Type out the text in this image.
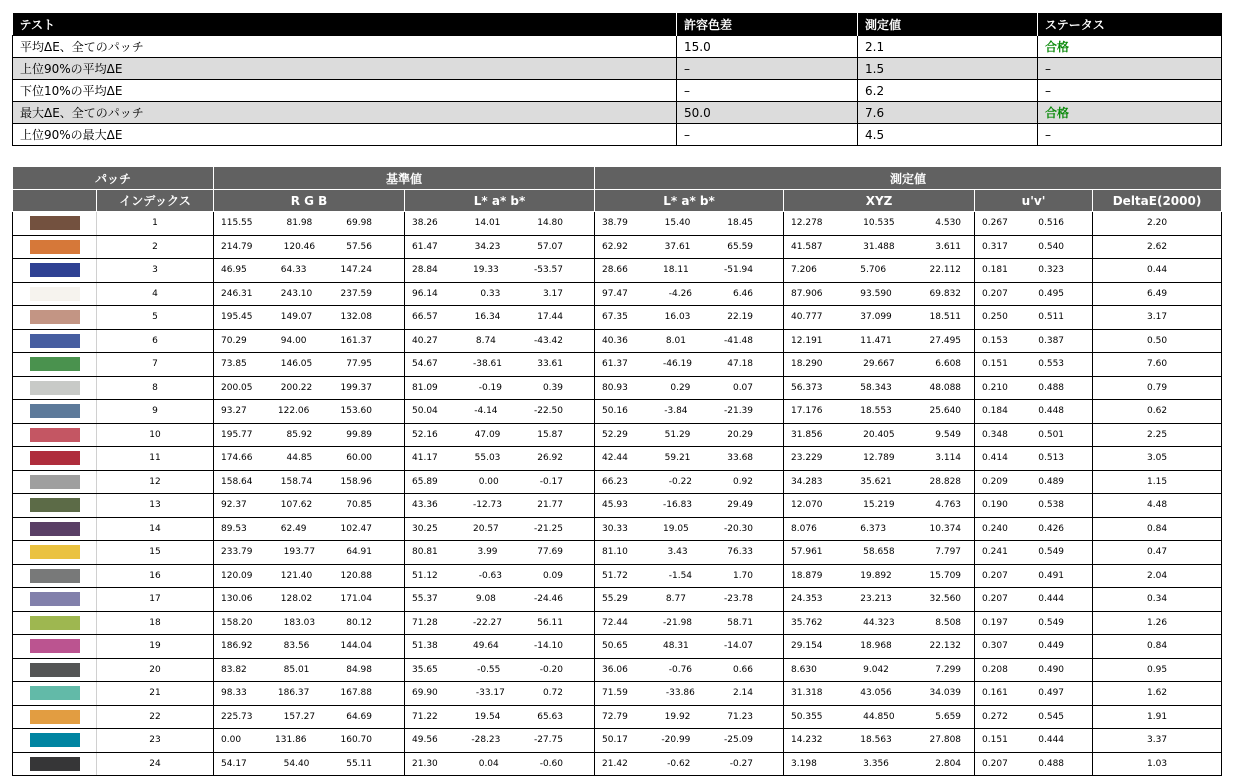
テスト	許容色差	測定値	ステータス
平均ΔE、全てのパッチ	15.0	2.1	合格
上位90%の平均ΔE	–	1.5	–
下位10%の平均ΔE	–	6.2	–
最大ΔE、全てのパッチ	50.0	7.6	合格
上位90%の最大ΔE	–	4.5	–
パッチ		基準値		測定値			
	インデックス	R G B	L* a* b*	L* a* b*	XYZ	u'v'	DeltaE(2000)

	1	115.55 81.98 69.98	38.26 14.01 14.80	38.79 15.40 18.45	12.278 10.535 4.530	0.267 0.516	2.20

	2	214.79 120.46 57.56	61.47 34.23 57.07	62.92 37.61 65.59	41.587 31.488 3.611	0.317 0.540	2.62

	3	46.95 64.33 147.24	28.84 19.33 -53.57	28.66 18.11 -51.94	7.206 5.706 22.112	0.181 0.323	0.44

	4	246.31 243.10 237.59	96.14 0.33 3.17	97.47 -4.26 6.46	87.906 93.590 69.832	0.207 0.495	6.49

	5	195.45 149.07 132.08	66.57 16.34 17.44	67.35 16.03 22.19	40.777 37.099 18.511	0.250 0.511	3.17

	6	70.29 94.00 161.37	40.27 8.74 -43.42	40.36 8.01 -41.48	12.191 11.471 27.495	0.153 0.387	0.50

	7	73.85 146.05 77.95	54.67 -38.61 33.61	61.37 -46.19 47.18	18.290 29.667 6.608	0.151 0.553	7.60

	8	200.05 200.22 199.37	81.09 -0.19 0.39	80.93 0.29 0.07	56.373 58.343 48.088	0.210 0.488	0.79

	9	93.27 122.06 153.60	50.04 -4.14 -22.50	50.16 -3.84 -21.39	17.176 18.553 25.640	0.184 0.448	0.62

	10	195.77 85.92 99.89	52.16 47.09 15.87	52.29 51.29 20.29	31.856 20.405 9.549	0.348 0.501	2.25

	11	174.66 44.85 60.00	41.17 55.03 26.92	42.44 59.21 33.68	23.229 12.789 3.114	0.414 0.513	3.05

	12	158.64 158.74 158.96	65.89 0.00 -0.17	66.23 -0.22 0.92	34.283 35.621 28.828	0.209 0.489	1.15

	13	92.37 107.62 70.85	43.36 -12.73 21.77	45.93 -16.83 29.49	12.070 15.219 4.763	0.190 0.538	4.48

	14	89.53 62.49 102.47	30.25 20.57 -21.25	30.33 19.05 -20.30	8.076 6.373 10.374	0.240 0.426	0.84

	15	233.79 193.77 64.91	80.81 3.99 77.69	81.10 3.43 76.33	57.961 58.658 7.797	0.241 0.549	0.47

	16	120.09 121.40 120.88	51.12 -0.63 0.09	51.72 -1.54 1.70	18.879 19.892 15.709	0.207 0.491	2.04

	17	130.06 128.02 171.04	55.37 9.08 -24.46	55.29 8.77 -23.78	24.353 23.213 32.560	0.207 0.444	0.34

	18	158.20 183.03 80.12	71.28 -22.27 56.11	72.44 -21.98 58.71	35.762 44.323 8.508	0.197 0.549	1.26

	19	186.92 83.56 144.04	51.38 49.64 -14.10	50.65 48.31 -14.07	29.154 18.968 22.132	0.307 0.449	0.84

	20	83.82 85.01 84.98	35.65 -0.55 -0.20	36.06 -0.76 0.66	8.630 9.042 7.299	0.208 0.490	0.95

	21	98.33 186.37 167.88	69.90 -33.17 0.72	71.59 -33.86 2.14	31.318 43.056 34.039	0.161 0.497	1.62

	22	225.73 157.27 64.69	71.22 19.54 65.63	72.79 19.92 71.23	50.355 44.850 5.659	0.272 0.545	1.91

	23	0.00 131.86 160.70	49.56 -28.23 -27.75	50.17 -20.99 -25.09	14.232 18.563 27.808	0.151 0.444	3.37

	24	54.17 54.40 55.11	21.30 0.04 -0.60	21.42 -0.62 -0.27	3.198 3.356 2.804	0.207 0.488	1.03
